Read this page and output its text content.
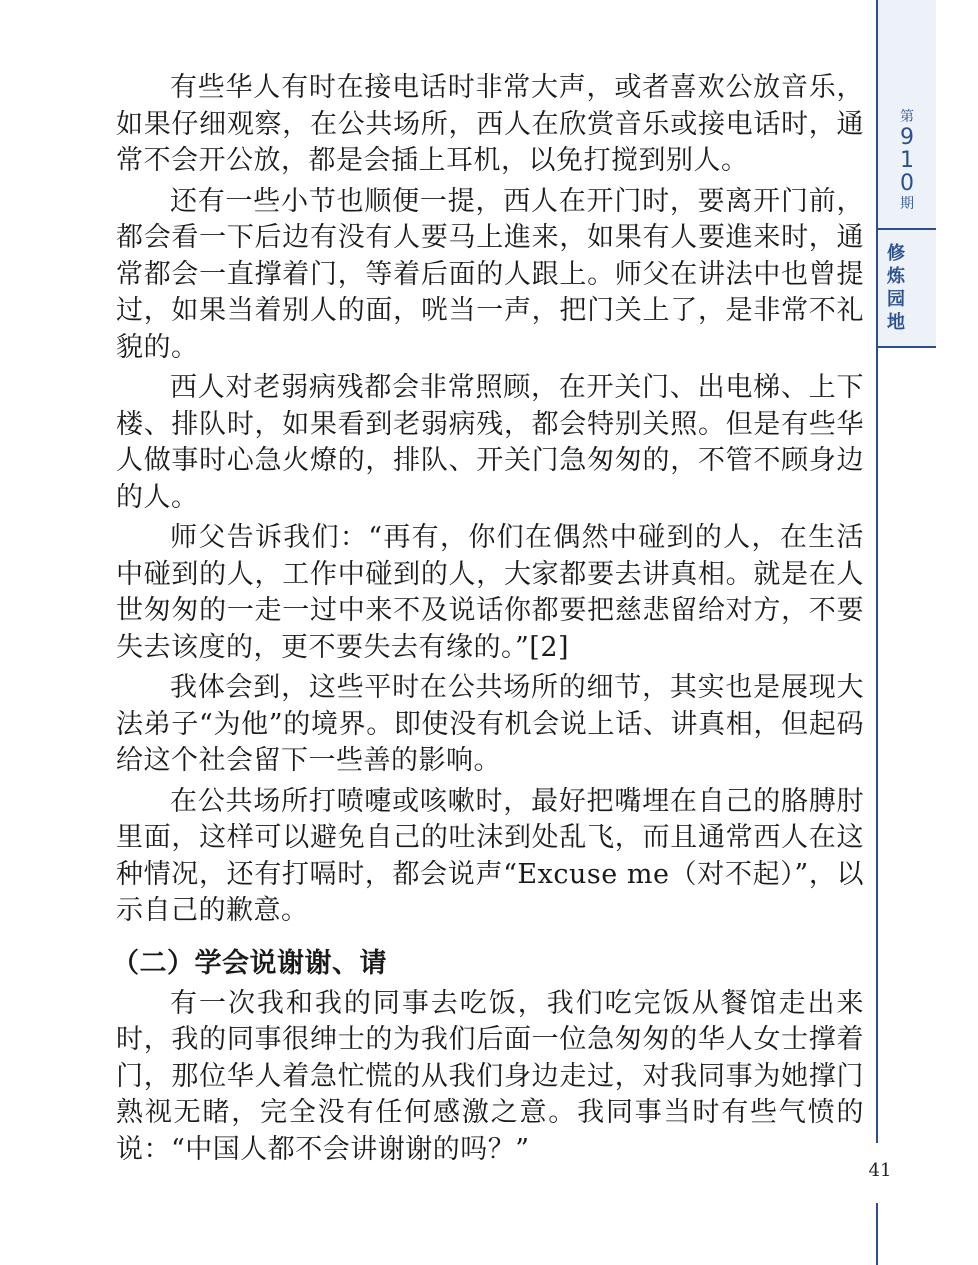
第
9
1
0
期
修
炼
园
地

有些华人有时在接电话时非常大声，或者喜欢公放音乐，如果仔细观察，在公共场所，西人在欣赏音乐或接电话时，通常不会开公放，都是会插上耳机，以免打搅到别人。

还有一些小节也顺便一提，西人在开门时，要离开门前，都会看一下后边有没有人要马上進来，如果有人要進来时，通常都会一直撑着门，等着后面的人跟上。师父在讲法中也曾提过，如果当着别人的面，咣当一声，把门关上了，是非常不礼貌的。

西人对老弱病残都会非常照顾，在开关门、出电梯、上下楼、排队时，如果看到老弱病残，都会特别关照。但是有些华人做事时心急火燎的，排队、开关门急匆匆的，不管不顾身边的人。

师父告诉我们：“再有，你们在偶然中碰到的人，在生活中碰到的人，工作中碰到的人，大家都要去讲真相。就是在人世匆匆的一走一过中来不及说话你都要把慈悲留给对方，不要失去该度的，更不要失去有缘的。”[2]

我体会到，这些平时在公共场所的细节，其实也是展现大法弟子“为他”的境界。即使没有机会说上话、讲真相，但起码给这个社会留下一些善的影响。

在公共场所打喷嚏或咳嗽时，最好把嘴埋在自己的胳膊肘里面，这样可以避免自己的吐沫到处乱飞，而且通常西人在这种情况，还有打嗝时，都会说声“Excuse me（对不起）”，以示自己的歉意。

（二）学会说谢谢、请

有一次我和我的同事去吃饭，我们吃完饭从餐馆走出来时，我的同事很绅士的为我们后面一位急匆匆的华人女士撑着门，那位华人着急忙慌的从我们身边走过，对我同事为她撑门熟视无睹，完全没有任何感激之意。我同事当时有些气愤的说：“中国人都不会讲谢谢的吗？”

41
